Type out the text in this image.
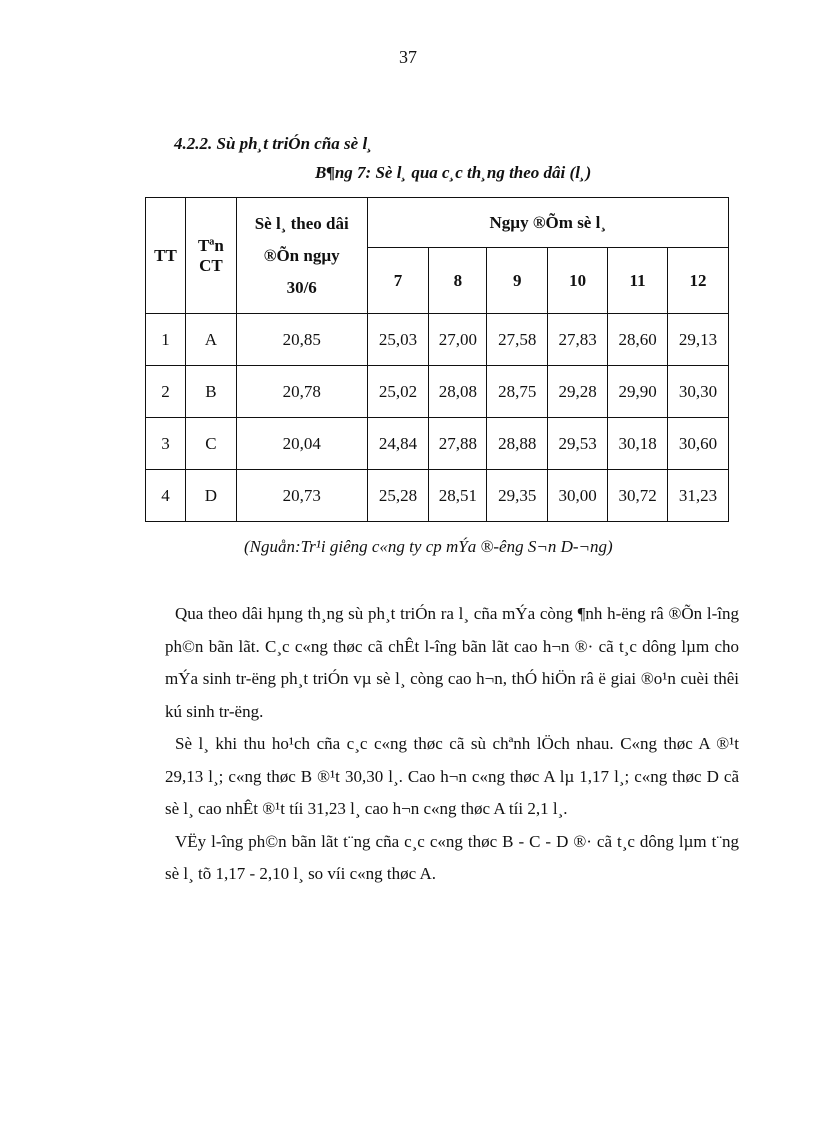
37
4.2.2. Sù ph¸t triÓn cña sè l¸
B¶ng 7: Sè l¸ qua c¸c th¸ng theo dâi (l¸)
TT	Tªn CT	Sè l¸ theo dâi ®Õn ngµy 30/6	Ngµy ®Õm sè l¸					
			7	8	9	10	11	12
1	A	20,85	25,03	27,00	27,58	27,83	28,60	29,13
2	B	20,78	25,02	28,08	28,75	29,28	29,90	30,30
3	C	20,04	24,84	27,88	28,88	29,53	30,18	30,60
4	D	20,73	25,28	28,51	29,35	30,00	30,72	31,23
(Nguån:Tr¹i giêng c«ng ty cp mÝa ®-êng S¬n D-¬ng)

Qua theo dâi hµng th¸ng sù ph¸t triÓn ra l¸ cña mÝa còng ¶nh h-ëng râ ®Õn l-îng ph©n bãn lãt. C¸c c«ng thøc cã chÊt l-îng bãn lãt cao h¬n ®· cã t¸c dông lµm cho mÝa sinh tr-ëng ph¸t triÓn vµ sè l¸ còng cao h¬n, thÓ hiÖn râ ë giai ®o¹n cuèi thêi kú sinh tr-ëng.

Sè l¸ khi thu ho¹ch cña c¸c c«ng thøc cã sù chªnh lÖch nhau. C«ng thøc A ®¹t 29,13 l¸; c«ng thøc B ®¹t 30,30 l¸. Cao h¬n c«ng thøc A lµ 1,17 l¸; c«ng thøc D cã sè l¸ cao nhÊt ®¹t tíi 31,23 l¸ cao h¬n c«ng thøc A tíi 2,1 l¸.

VËy l-îng ph©n bãn lãt t¨ng cña c¸c c«ng thøc B - C - D ®· cã t¸c dông lµm t¨ng sè l¸ tõ 1,17 - 2,10 l¸ so víi c«ng thøc A.
